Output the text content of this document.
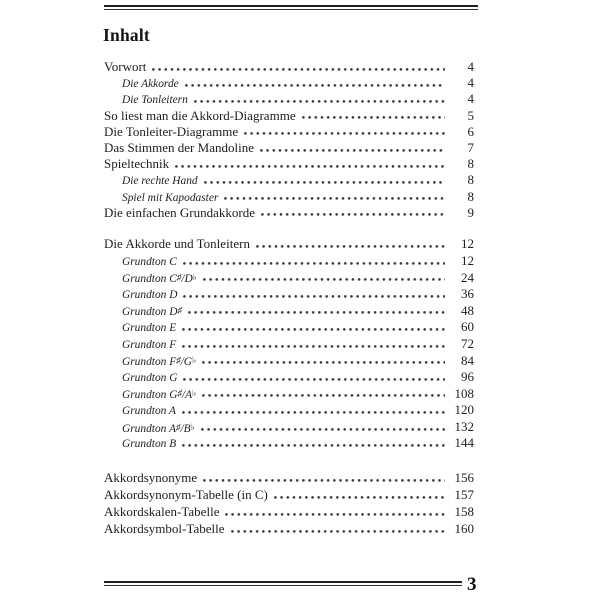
Inhalt
Vorwort	4
Die Akkorde	4
Die Tonleitern	4
So liest man die Akkord-Diagramme	5
Die Tonleiter-Diagramme	6
Das Stimmen der Mandoline	7
Spieltechnik	8
Die rechte Hand	8
Spiel mit Kapodaster	8
Die einfachen Grundakkorde	9
Die Akkorde und Tonleitern	12
Grundton C	12
Grundton C♯/D♭	24
Grundton D	36
Grundton D♯	48
Grundton E	60
Grundton F	72
Grundton F♯/G♭	84
Grundton G	96
Grundton G♯/A♭	108
Grundton A	120
Grundton A♯/B♭	132
Grundton B	144
Akkordsynonyme	156
Akkordsynonym-Tabelle (in C)	157
Akkordskalen-Tabelle	158
Akkordsymbol-Tabelle	160
3
